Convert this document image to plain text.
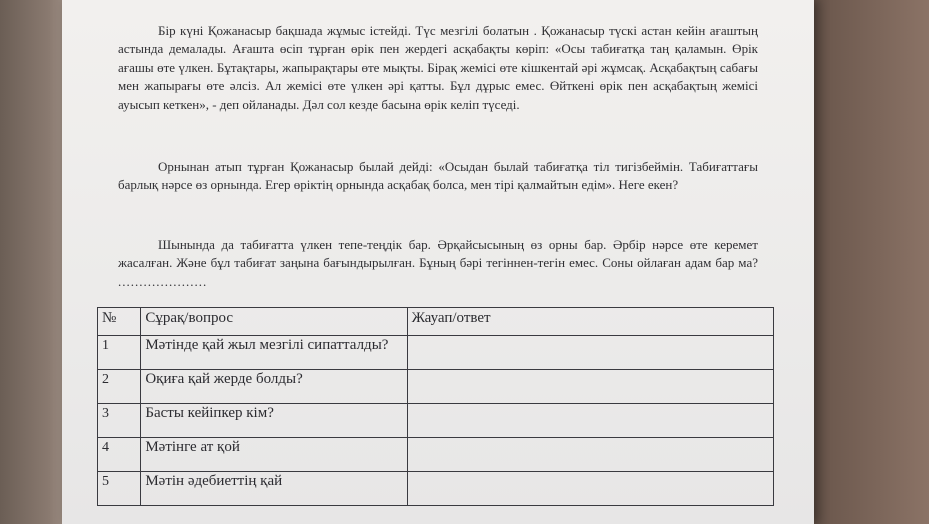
Бір күні Қожанасыр бақшада жұмыс істейді. Түс мезгілі болатын . Қожанасыр түскі астан кейін ағаштың астында демалады. Ағашта өсіп тұрған өрік пен жердегі асқабақты көріп: «Осы табиғатқа таң қаламын. Өрік ағашы өте үлкен. Бұтақтары, жапырақтары өте мықты. Бірақ жемісі өте кішкентай әрі жұмсақ. Асқабақтың сабағы мен жапырағы өте әлсіз. Ал жемісі өте үлкен әрі қатты. Бұл дұрыс емес. Өйткені өрік пен асқабақтың жемісі ауысып кеткен», - деп ойланады. Дәл сол кезде басына өрік келіп түседі.

Орнынан атып тұрған Қожанасыр былай дейді: «Осыдан былай табиғатқа тіл тигізбеймін. Табиғаттағы барлық нәрсе өз орнында. Егер өріктің орнында асқабақ болса, мен тірі қалмайтын едім». Неге екен?

Шынында да табиғатта үлкен тепе-теңдік бар. Әрқайсысының өз орны бар. Әрбір нәрсе өте керемет жасалған. Және бұл табиғат заңына бағындырылған. Бұның бәрі тегіннен-тегін емес. Соны ойлаған адам бар ма? .....................

№	Сұрақ/вопрос	Жауап/ответ
1	Мәтінде қай жыл мезгілі сипатталды?	
2	Оқиға қай жерде болды?	
3	Басты кейіпкер кім?	
4	Мәтінге ат қой	
5	Мәтін әдебиеттің қай	
